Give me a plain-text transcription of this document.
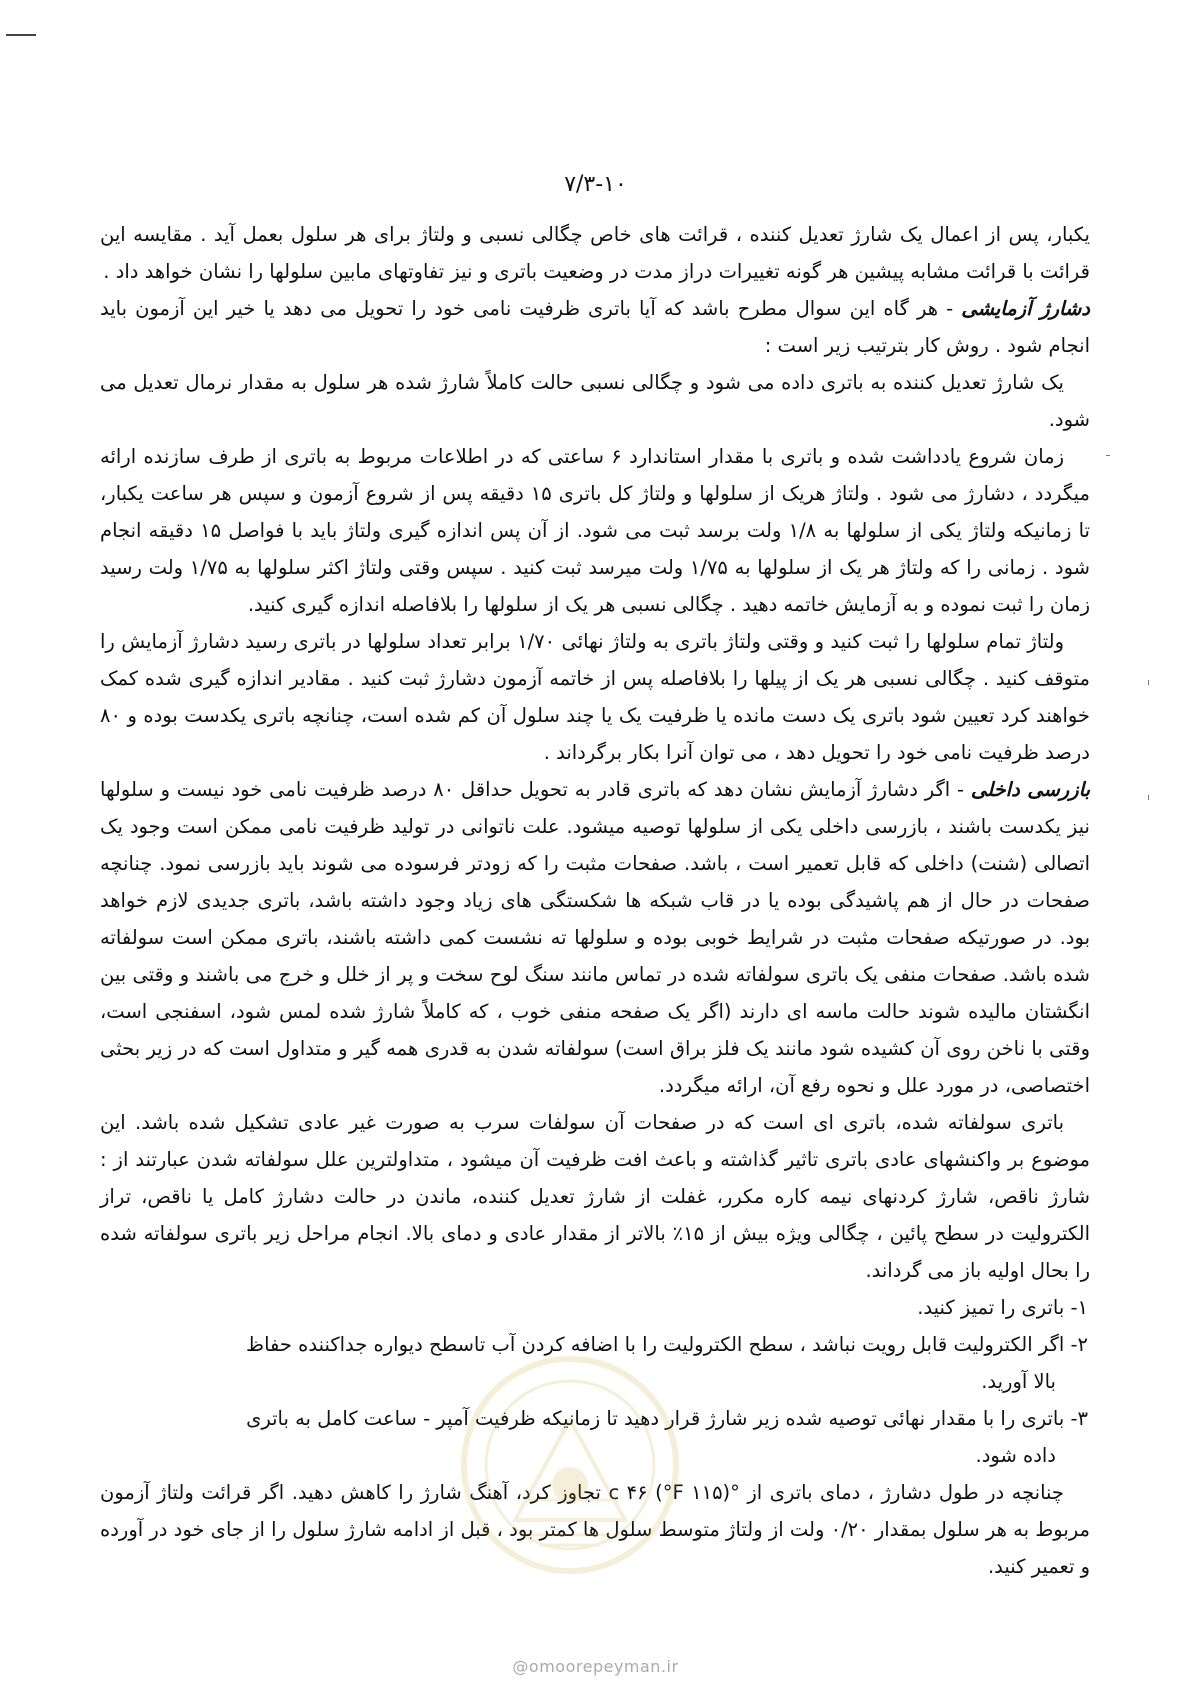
۷/۳-۱۰

یکبار، پس از اعمال یک شارژ تعدیل کننده ، قرائت های خاص چگالی نسبی و ولتاژ برای هر سلول بعمل آید . مقایسه این قرائت با قرائت مشابه پیشین هر گونه تغییرات دراز مدت در وضعیت باتری و نیز تفاوتهای مابین سلولها را نشان خواهد داد .

دشارژ آزمایشی - هر گاه این سوال مطرح باشد که آیا باتری ظرفیت نامی خود را تحویل می دهد یا خیر این آزمون باید انجام شود . روش کار بترتیب زیر است :

یک شارژ تعدیل کننده به باتری داده می شود و چگالی نسبی حالت کاملاً شارژ شده هر سلول به مقدار نرمال تعدیل می شود.

زمان شروع یادداشت شده و باتری با مقدار استاندارد ۶ ساعتی که در اطلاعات مربوط به باتری از طرف سازنده ارائه میگردد ، دشارژ می شود . ولتاژ هریک از سلولها و ولتاژ کل باتری ۱۵ دقیقه پس از شروع آزمون و سپس هر ساعت یکبار، تا زمانیکه ولتاژ یکی از سلولها به ۱/۸ ولت برسد ثبت می شود. از آن پس اندازه گیری ولتاژ باید با فواصل ۱۵ دقیقه انجام شود . زمانی را که ولتاژ هر یک از سلولها به ۱/۷۵ ولت میرسد ثبت کنید . سپس وقتی ولتاژ اکثر سلولها به ۱/۷۵ ولت رسید زمان را ثبت نموده و به آزمایش خاتمه دهید . چگالی نسبی هر یک از سلولها را بلافاصله اندازه گیری کنید.

ولتاژ تمام سلولها را ثبت کنید و وقتی ولتاژ باتری به ولتاژ نهائی ۱/۷۰ برابر تعداد سلولها در باتری رسید دشارژ آزمایش را متوقف کنید . چگالی نسبی هر یک از پیلها را بلافاصله پس از خاتمه آزمون دشارژ ثبت کنید . مقادیر اندازه گیری شده کمک خواهند کرد تعیین شود باتری یک دست مانده یا ظرفیت یک یا چند سلول آن کم شده است، چنانچه باتری یکدست بوده و ۸۰ درصد ظرفیت نامی خود را تحویل دهد ، می توان آنرا بکار برگرداند .

بازرسی داخلی - اگر دشارژ آزمایش نشان دهد که باتری قادر به تحویل حداقل ۸۰ درصد ظرفیت نامی خود نیست و سلولها نیز یکدست باشند ، بازرسی داخلی یکی از سلولها توصیه میشود. علت ناتوانی در تولید ظرفیت نامی ممکن است وجود یک اتصالی (شنت) داخلی که قابل تعمیر است ، باشد. صفحات مثبت را که زودتر فرسوده می شوند باید بازرسی نمود. چنانچه صفحات در حال از هم پاشیدگی بوده یا در قاب شبکه ها شکستگی های زیاد وجود داشته باشد، باتری جدیدی لازم خواهد بود. در صورتیکه صفحات مثبت در شرایط خوبی بوده و سلولها ته نشست کمی داشته باشند، باتری ممکن است سولفاته شده باشد. صفحات منفی یک باتری سولفاته شده در تماس مانند سنگ لوح سخت و پر از خلل و خرج می باشند و وقتی بین انگشتان مالیده شوند حالت ماسه ای دارند (اگر یک صفحه منفی خوب ، که کاملاً شارژ شده لمس شود، اسفنجی است، وقتی با ناخن روی آن کشیده شود مانند یک فلز براق است) سولفاته شدن به قدری همه گیر و متداول است که در زیر بحثی اختصاصی، در مورد علل و نحوه رفع آن، ارائه میگردد.

باتری سولفاته شده، باتری ای است که در صفحات آن سولفات سرب به صورت غیر عادی تشکیل شده باشد. این موضوع بر واکنشهای عادی باتری تاثیر گذاشته و باعث افت ظرفیت آن میشود ، متداولترین علل سولفاته شدن عبارتند از : شارژ ناقص، شارژ کردنهای نیمه کاره مکرر، غفلت از شارژ تعدیل کننده، ماندن در حالت دشارژ کامل یا ناقص، تراز الکترولیت در سطح پائین ، چگالی ویژه بیش از ۱۵٪ بالاتر از مقدار عادی و دمای بالا. انجام مراحل زیر باتری سولفاته شده را بحال اولیه باز می گرداند.

۱- باتری را تمیز کنید.

۲- اگر الکترولیت قابل رویت نباشد ، سطح الکترولیت را با اضافه کردن آب تاسطح دیواره جداکننده حفاظ

بالا آورید.

۳- باتری را با مقدار نهائی توصیه شده زیر شارژ قرار دهید تا زمانیکه ظرفیت آمپر - ساعت کامل به باتری

داده شود.

چنانچه در طول دشارژ ، دمای باتری از °c ۴۶ (°F ۱۱۵) تجاوز کرد، آهنگ شارژ را کاهش دهید. اگر قرائت ولتاژ آزمون مربوط به هر سلول بمقدار ۰/۲۰ ولت از ولتاژ متوسط سلول ها کمتر بود ، قبل از ادامه شارژ سلول را از جای خود در آورده و تعمیر کنید.

@omoorepeyman.ir
